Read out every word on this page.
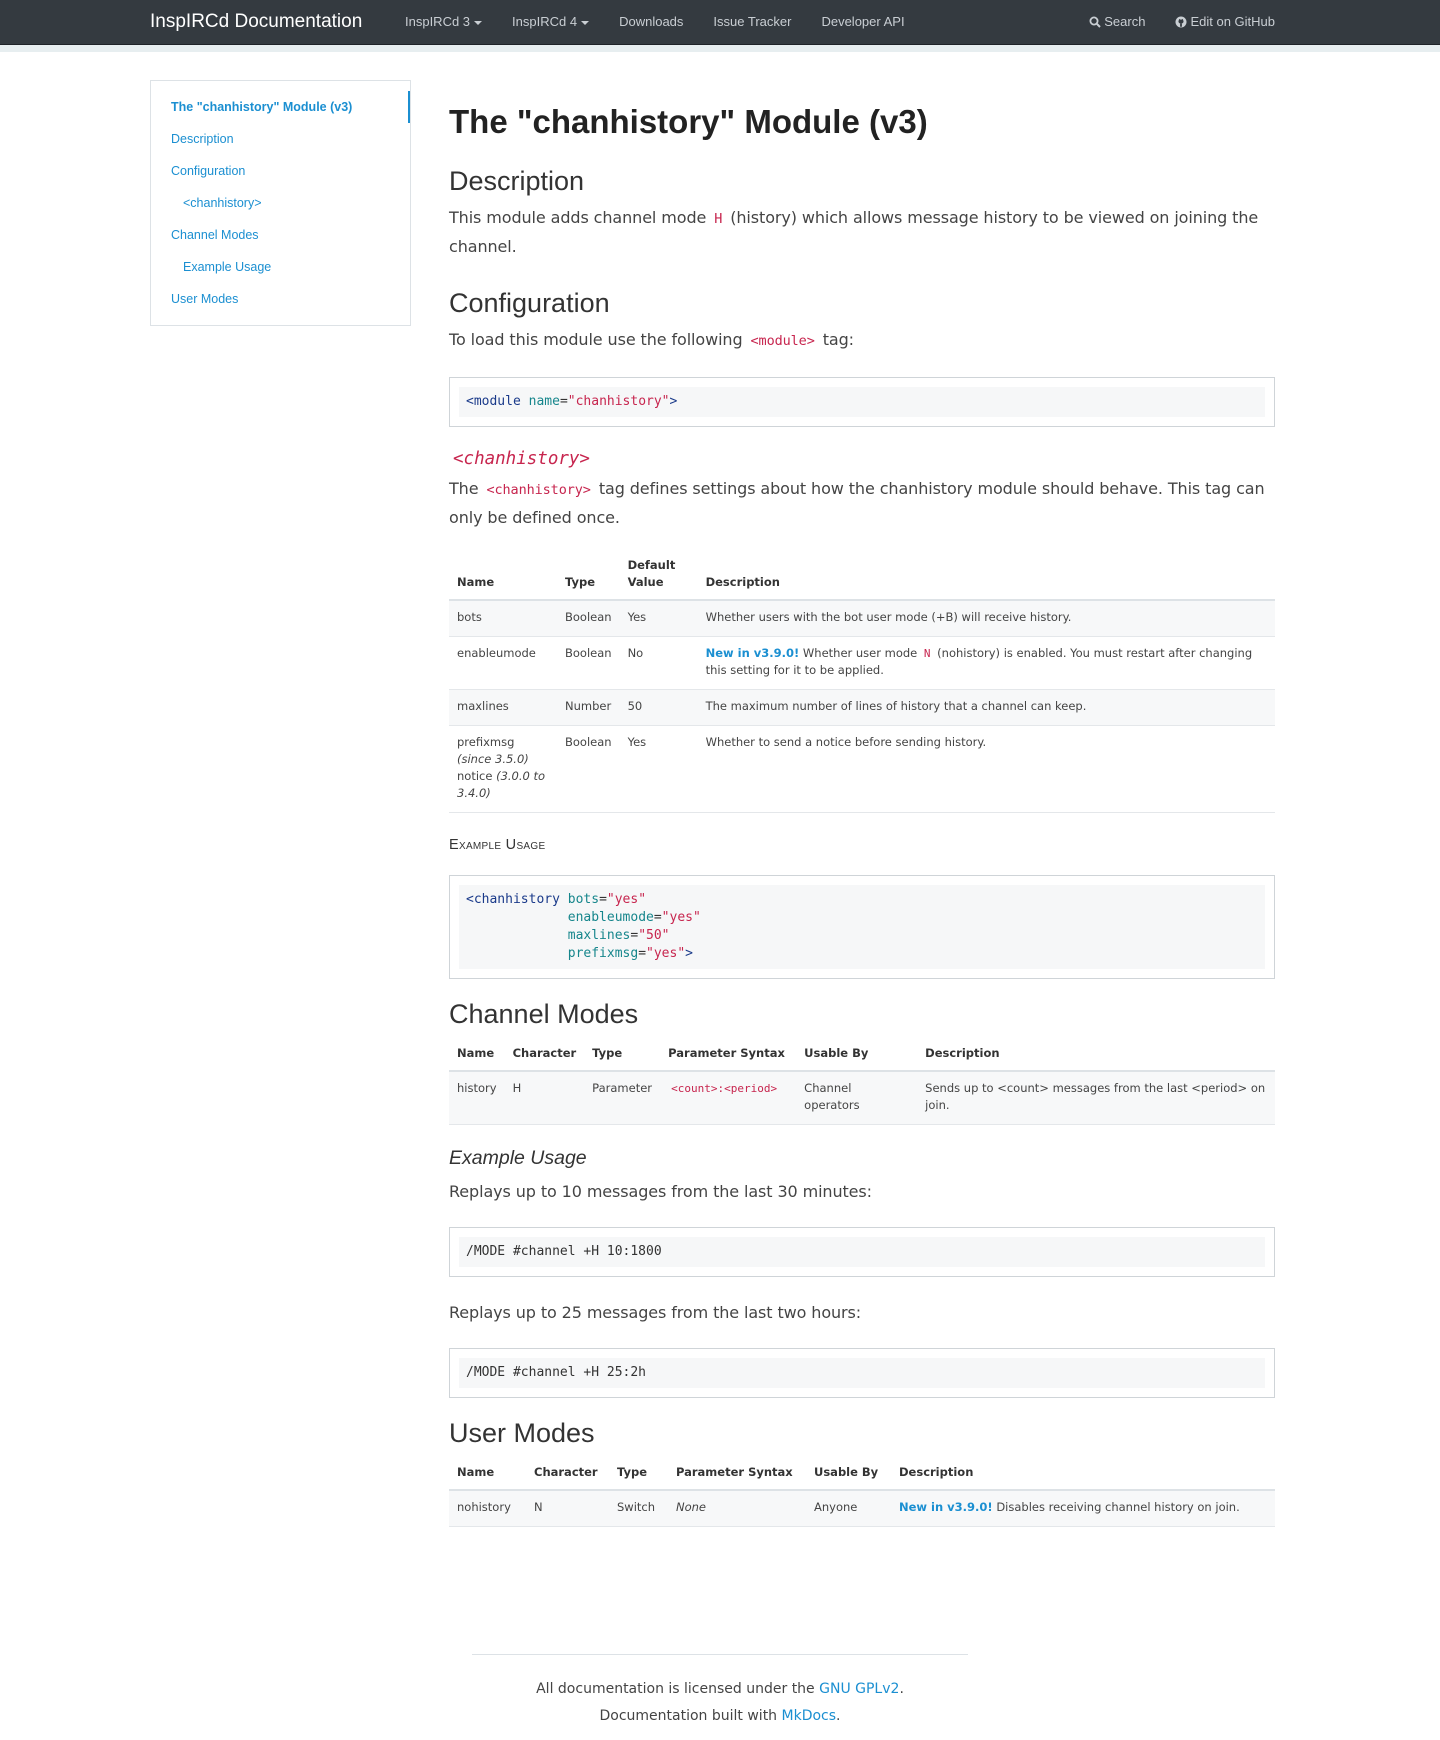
InspIRCd Documentation	InspIRCd 3	InspIRCd 4	Downloads	Issue Tracker	Developer API	Search	Edit on GitHub
The "chanhistory" Module (v3)
Description
Configuration
<chanhistory>
Channel Modes
Example Usage
User Modes
The "chanhistory" Module (v3)
Description

This module adds channel mode H (history) which allows message history to be viewed on joining the channel.

Configuration

To load this module use the following <module> tag:

<module name="chanhistory">
<chanhistory>

The <chanhistory> tag defines settings about how the chanhistory module should behave. This tag can only be defined once.

Name	Type	Default Value	Description
bots	Boolean	Yes	Whether users with the bot user mode (+B) will receive history.
enableumode	Boolean	No	New in v3.9.0! Whether user mode N (nohistory) is enabled. You must restart after changing this setting for it to be applied.
maxlines	Number	50	The maximum number of lines of history that a channel can keep.
prefixmsg (since 3.5.0)
notice (3.0.0 to 3.4.0)	Boolean	Yes	Whether to send a notice before sending history.
Example Usage
<chanhistory bots="yes"
enableumode="yes"
maxlines="50"
prefixmsg="yes">
Channel Modes
Name	Character	Type	Parameter Syntax	Usable By	Description
history	H	Parameter	<count>:<period>	Channel operators	Sends up to <count> messages from the last <period> on join.
Example Usage

Replays up to 10 messages from the last 30 minutes:

/MODE #channel +H 10:1800

Replays up to 25 messages from the last two hours:

/MODE #channel +H 25:2h
User Modes
Name	Character	Type	Parameter Syntax	Usable By	Description
nohistory	N	Switch	None	Anyone	New in v3.9.0! Disables receiving channel history on join.
All documentation is licensed under the GNU GPLv2.
Documentation built with MkDocs.
